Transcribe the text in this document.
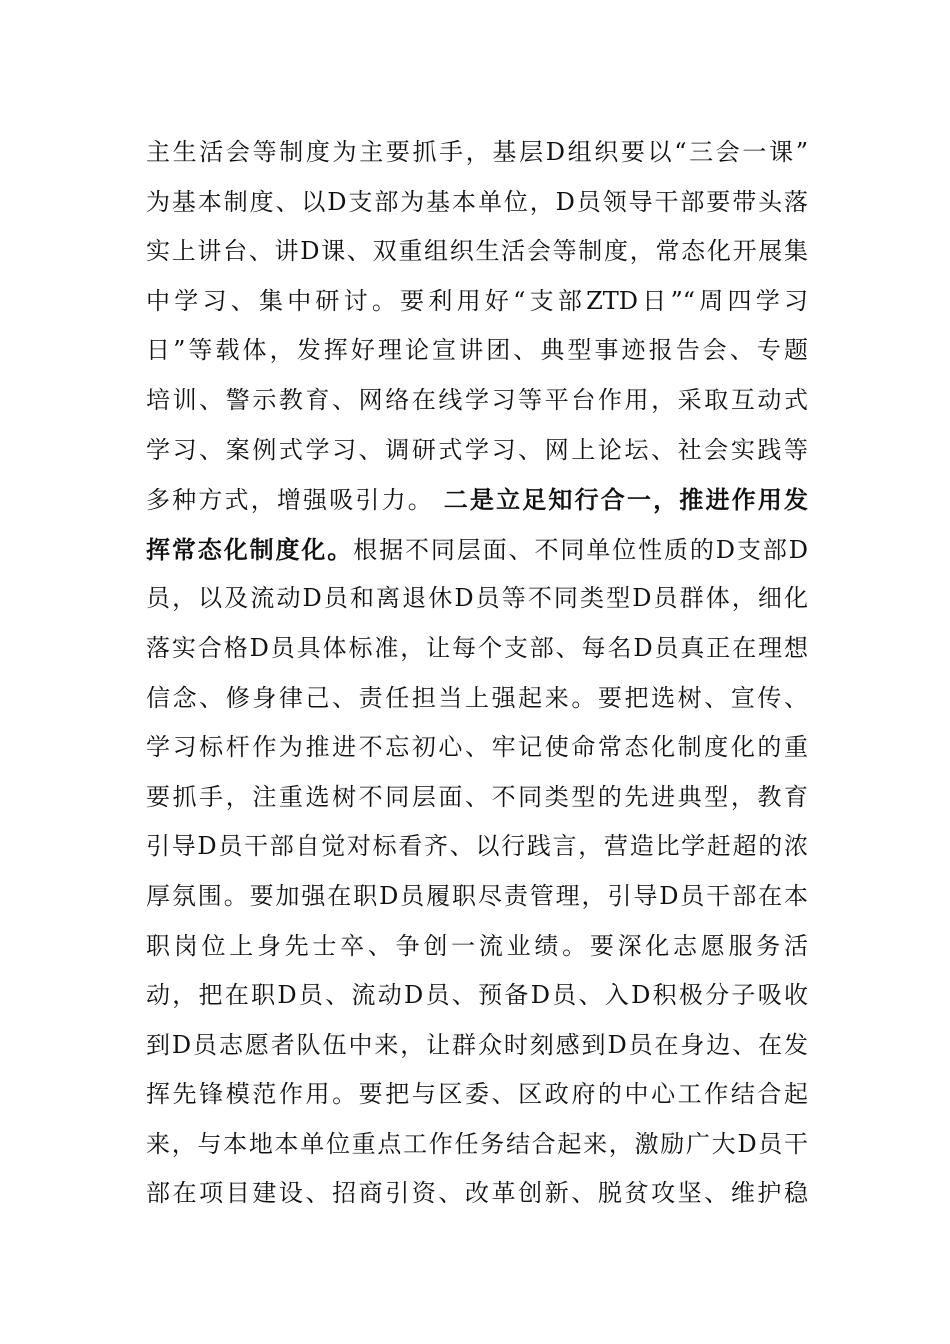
主生活会等制度为主要抓手，基层D组织要以“三会一课”
为基本制度、以D支部为基本单位，D员领导干部要带头落
实上讲台、讲D课、双重组织生活会等制度，常态化开展集
中学习、集中研讨。要利用好“支部ZTD日”“周四学习
日”等载体，发挥好理论宣讲团、典型事迹报告会、专题
培训、警示教育、网络在线学习等平台作用，采取互动式
学习、案例式学习、调研式学习、网上论坛、社会实践等
多种方式，增强吸引力。 二是立足知行合一，推进作用发
挥常态化制度化。根据不同层面、不同单位性质的D支部D
员，以及流动D员和离退休D员等不同类型D员群体，细化
落实合格D员具体标准，让每个支部、每名D员真正在理想
信念、修身律己、责任担当上强起来。要把选树、宣传、
学习标杆作为推进不忘初心、牢记使命常态化制度化的重
要抓手，注重选树不同层面、不同类型的先进典型，教育
引导D员干部自觉对标看齐、以行践言，营造比学赶超的浓
厚氛围。要加强在职D员履职尽责管理，引导D员干部在本
职岗位上身先士卒、争创一流业绩。要深化志愿服务活
动，把在职D员、流动D员、预备D员、入D积极分子吸收
到D员志愿者队伍中来，让群众时刻感到D员在身边、在发
挥先锋模范作用。要把与区委、区政府的中心工作结合起
来，与本地本单位重点工作任务结合起来，激励广大D员干
部在项目建设、招商引资、改革创新、脱贫攻坚、维护稳
